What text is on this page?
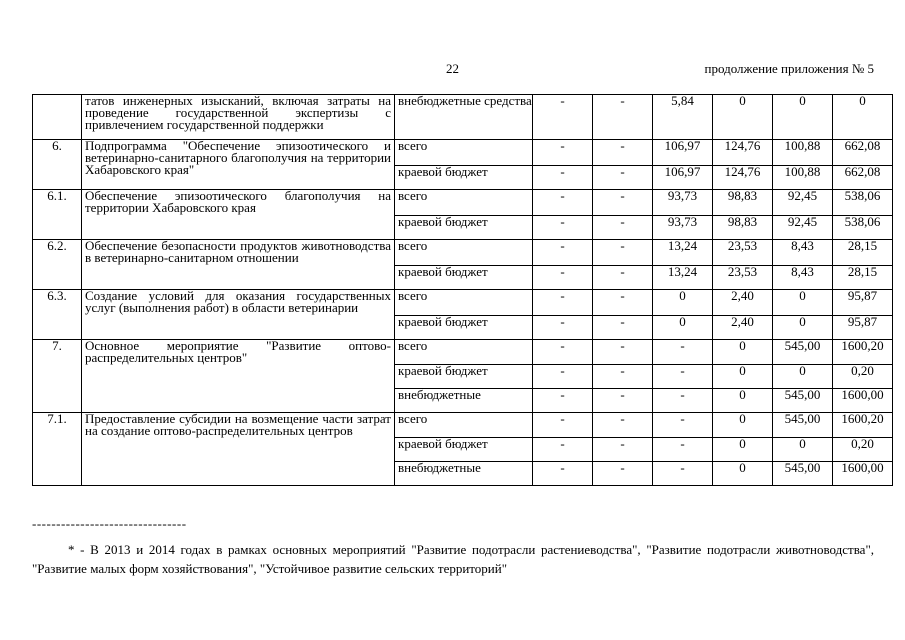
22	продолжение приложения № 5
	татов инженерных изысканий, включая затраты на проведение государственной экспертизы с привлечением государственной поддержки	внебюджетные средства	-	-	5,84	0	0	0
6.	Подпрограмма "Обеспечение эпизоотического и ветеринарно-санитарного благополучия на территории Хабаровского края"	всего	-	-	106,97	124,76	100,88	662,08
		краевой бюджет	-	-	106,97	124,76	100,88	662,08
6.1.	Обеспечение эпизоотического благополучия на территории Хабаровского края	всего	-	-	93,73	98,83	92,45	538,06
		краевой бюджет	-	-	93,73	98,83	92,45	538,06
6.2.	Обеспечение безопасности продуктов животноводства в ветеринарно-санитарном отношении	всего	-	-	13,24	23,53	8,43	28,15
		краевой бюджет	-	-	13,24	23,53	8,43	28,15
6.3.	Создание условий для оказания государственных услуг (выполнения работ) в области ветеринарии	всего	-	-	0	2,40	0	95,87
		краевой бюджет	-	-	0	2,40	0	95,87
7.	Основное мероприятие "Развитие оптово-распределительных центров"	всего	-	-	-	0	545,00	1600,20
		краевой бюджет	-	-	-	0	0	0,20
		внебюджетные	-	-	-	0	545,00	1600,00
7.1.	Предоставление субсидии на возмещение части затрат на создание оптово-распределительных центров	всего	-	-	-	0	545,00	1600,20
		краевой бюджет	-	-	-	0	0	0,20
		внебюджетные	-	-	-	0	545,00	1600,00
--------------------------------
* - В 2013 и 2014 годах в рамках основных мероприятий "Развитие подотрасли растениеводства", "Развитие подотрасли животноводства", "Развитие малых форм хозяйствования", "Устойчивое развитие сельских территорий"
